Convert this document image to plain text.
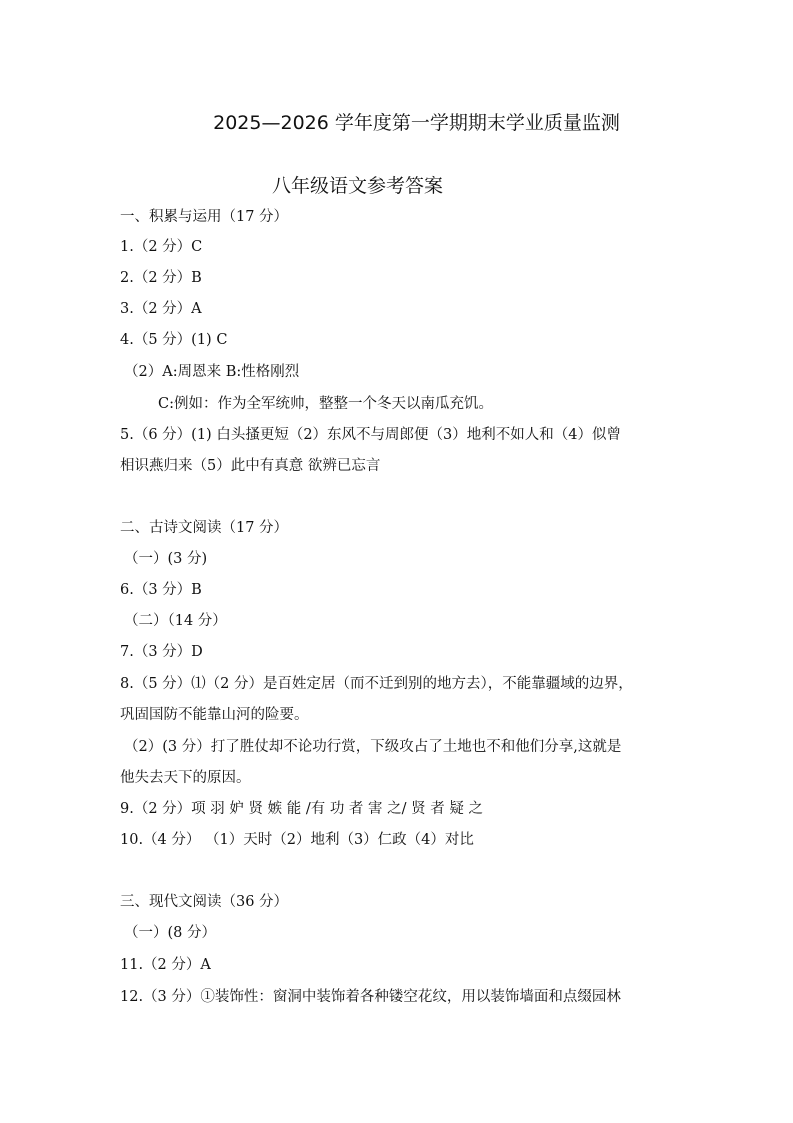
2025—2026 学年度第一学期期末学业质量监测
八年级语文参考答案
一、积累与运用（17 分）
1.（2 分）C
2.（2 分）B
3.（2 分）A
4.（5 分）(1) C
（2）A:周恩来 B:性格刚烈
C:例如：作为全军统帅，整整一个冬天以南瓜充饥。
5.（6 分）(1) 白头搔更短（2）东风不与周郎便（3）地利不如人和（4）似曾
相识燕归来（5）此中有真意 欲辨已忘言
二、古诗文阅读（17 分）
（一）(3 分)
6.（3 分）B
（二）（14 分）
7.（3 分）D
8.（5 分）⑴（2 分）是百姓定居（而不迁到别的地方去），不能靠疆域的边界，
巩固国防不能靠山河的险要。
（2）(3 分）打了胜仗却不论功行赏，下级攻占了土地也不和他们分享,这就是
他失去天下的原因。
9.（2 分）项 羽 妒 贤 嫉 能 /有 功 者 害 之/ 贤 者 疑 之
10.（4 分） （1）天时（2）地利（3）仁政（4）对比
三、现代文阅读（36 分）
（一）(8 分）
11.（2 分）A
12.（3 分）①装饰性：窗洞中装饰着各种镂空花纹，用以装饰墙面和点缀园林
